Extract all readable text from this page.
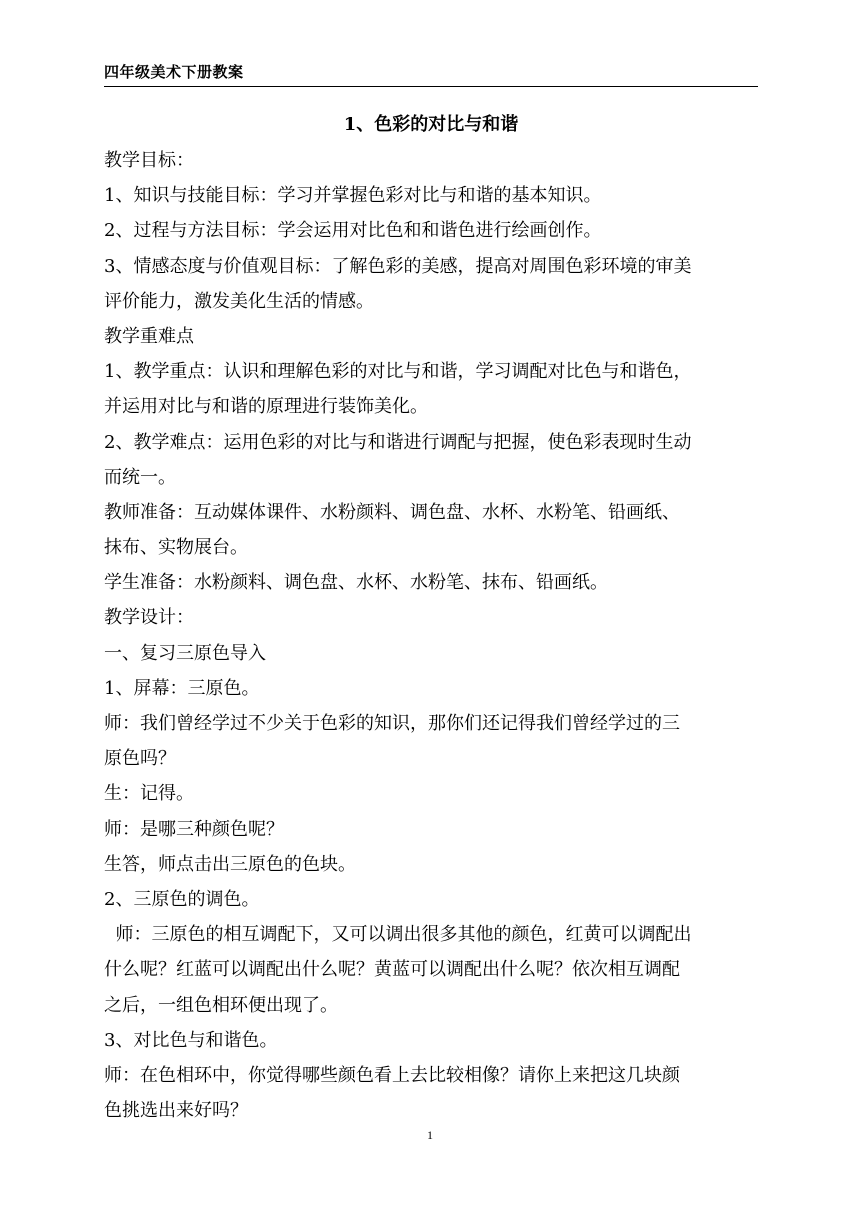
四年级美术下册教案
1、色彩的对比与和谐
教学目标：
1、知识与技能目标：学习并掌握色彩对比与和谐的基本知识。
2、过程与方法目标：学会运用对比色和和谐色进行绘画创作。
3、情感态度与价值观目标：了解色彩的美感，提高对周围色彩环境的审美
评价能力，激发美化生活的情感。
教学重难点
1、教学重点：认识和理解色彩的对比与和谐，学习调配对比色与和谐色，
并运用对比与和谐的原理进行装饰美化。
2、教学难点：运用色彩的对比与和谐进行调配与把握，使色彩表现时生动
而统一。
教师准备：互动媒体课件、水粉颜料、调色盘、水杯、水粉笔、铅画纸、
抹布、实物展台。
学生准备：水粉颜料、调色盘、水杯、水粉笔、抹布、铅画纸。
教学设计：
一、复习三原色导入
1、屏幕：三原色。
师：我们曾经学过不少关于色彩的知识，那你们还记得我们曾经学过的三
原色吗？
生：记得。
师：是哪三种颜色呢？
生答，师点击出三原色的色块。
2、三原色的调色。
师：三原色的相互调配下，又可以调出很多其他的颜色，红黄可以调配出
什么呢？红蓝可以调配出什么呢？黄蓝可以调配出什么呢？依次相互调配
之后，一组色相环便出现了。
3、对比色与和谐色。
师：在色相环中，你觉得哪些颜色看上去比较相像？请你上来把这几块颜
色挑选出来好吗？
1
